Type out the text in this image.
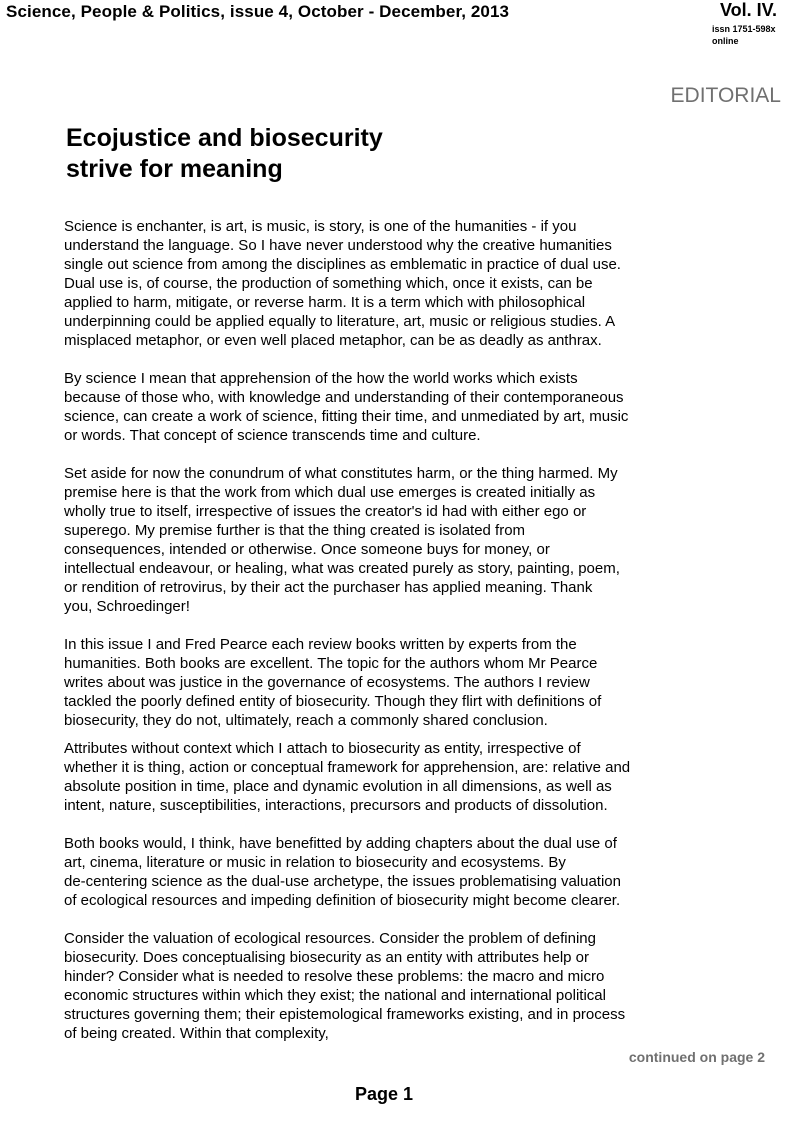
Science, People & Politics, issue 4, October - December, 2013	Vol. IV.
issn 1751-598x
online
EDITORIAL
Ecojustice and biosecurity
strive for meaning

Science is enchanter, is art, is music, is story, is one of the humanities - if you
understand the language. So I have never understood why the creative humanities
single out science from among the disciplines as emblematic in practice of dual use.
Dual use is, of course, the production of something which, once it exists, can be
applied to harm, mitigate, or reverse harm. It is a term which with philosophical
underpinning could be applied equally to literature, art, music or religious studies. A
misplaced metaphor, or even well placed metaphor, can be as deadly as anthrax.

By science I mean that apprehension of the how the world works which exists
because of those who, with knowledge and understanding of their contemporaneous
science, can create a work of science, fitting their time, and unmediated by art, music
or words. That concept of science transcends time and culture.

Set aside for now the conundrum of what constitutes harm, or the thing harmed. My
premise here is that the work from which dual use emerges is created initially as
wholly true to itself, irrespective of issues the creator's id had with either ego or
superego. My premise further is that the thing created is isolated from
consequences, intended or otherwise. Once someone buys for money, or
intellectual endeavour, or healing, what was created purely as story, painting, poem,
or rendition of retrovirus, by their act the purchaser has applied meaning. Thank
you, Schroedinger!

In this issue I and Fred Pearce each review books written by experts from the
humanities. Both books are excellent. The topic for the authors whom Mr Pearce
writes about was justice in the governance of ecosystems. The authors I review
tackled the poorly defined entity of biosecurity. Though they flirt with definitions of
biosecurity, they do not, ultimately, reach a commonly shared conclusion.

Attributes without context which I attach to biosecurity as entity, irrespective of
whether it is thing, action or conceptual framework for apprehension, are: relative and
absolute position in time, place and dynamic evolution in all dimensions, as well as
intent, nature, susceptibilities, interactions, precursors and products of dissolution.

Both books would, I think, have benefitted by adding chapters about the dual use of
art, cinema, literature or music in relation to biosecurity and ecosystems. By
de-centering science as the dual-use archetype, the issues problematising valuation
of ecological resources and impeding definition of biosecurity might become clearer.

Consider the valuation of ecological resources. Consider the problem of defining
biosecurity. Does conceptualising biosecurity as an entity with attributes help or
hinder? Consider what is needed to resolve these problems: the macro and micro
economic structures within which they exist; the national and international political
structures governing them; their epistemological frameworks existing, and in process
of being created. Within that complexity,

continued on page 2
Page 1
